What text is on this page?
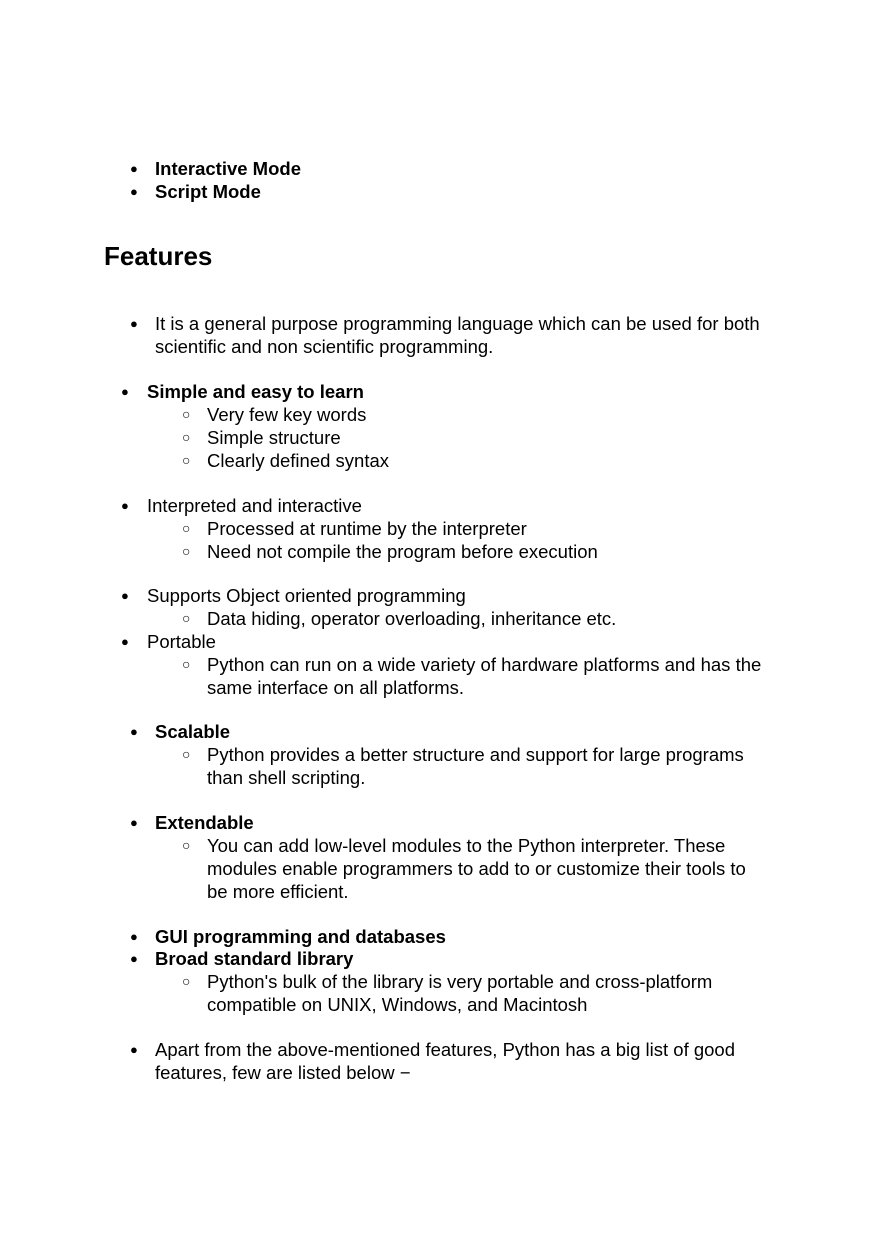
● Interactive Mode
● Script Mode
Features
● It is a general purpose programming language which can be used for both
scientific and non scientific programming.
● Simple and easy to learn
○ Very few key words
○ Simple structure
○ Clearly defined syntax
● Interpreted and interactive
○ Processed at runtime by the interpreter
○ Need not compile the program before execution
● Supports Object oriented programming
○ Data hiding, operator overloading, inheritance etc.
● Portable
○ Python can run on a wide variety of hardware platforms and has the
same interface on all platforms.
● Scalable
○ Python provides a better structure and support for large programs
than shell scripting.
● Extendable
○ You can add low-level modules to the Python interpreter. These
modules enable programmers to add to or customize their tools to
be more efficient.
● GUI programming and databases
● Broad standard library
○ Python's bulk of the library is very portable and cross-platform
compatible on UNIX, Windows, and Macintosh
● Apart from the above-mentioned features, Python has a big list of good
features, few are listed below −
